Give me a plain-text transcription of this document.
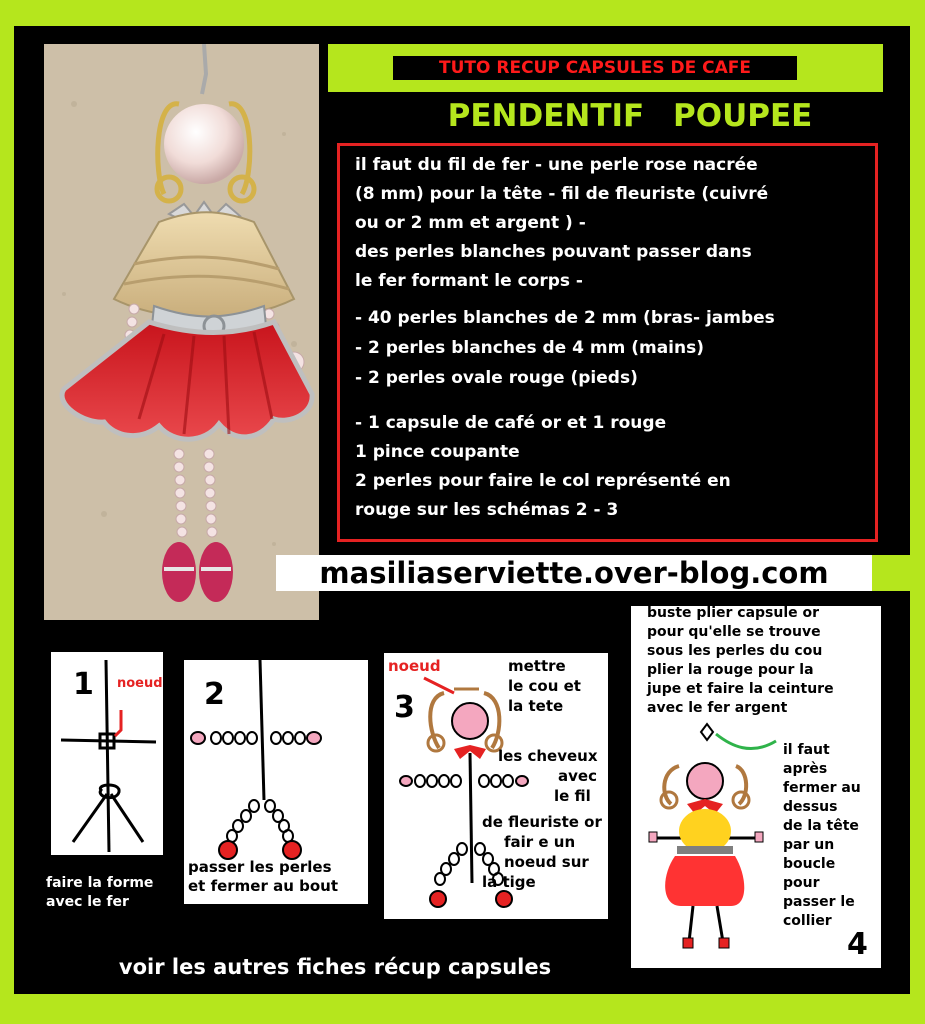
TUTO RECUP CAPSULES DE CAFE
PENDENTIF POUPEE
il faut du fil de fer - une perle rose nacrée
(8 mm) pour la tête - fil de fleuriste (cuivré
ou or 2 mm et argent ) -
des perles blanches pouvant passer dans
le fer formant le corps -
- 40 perles blanches de 2 mm (bras- jambes
- 2 perles blanches de 4 mm (mains)
- 2 perles ovale rouge (pieds)
- 1 capsule de café or et 1 rouge
1 pince coupante
2 perles pour faire le col représenté en
rouge sur les schémas 2 - 3
masiliaserviette.over-blog.com
1 noeud
faire la forme
avec le fer
2
passer les perles
et fermer au bout
noeud
3
mettre
le cou et
la tete
les cheveux
avec
le fil
de fleuriste or
fair e un
noeud sur
la tige
buste plier capsule or
pour qu'elle se trouve
sous les perles du cou
plier la rouge pour la
jupe et faire la ceinture
avec le fer argent
il faut
après
fermer au
dessus
de la tête
par un
boucle
pour
passer le
collier
4
voir les autres fiches récup capsules
